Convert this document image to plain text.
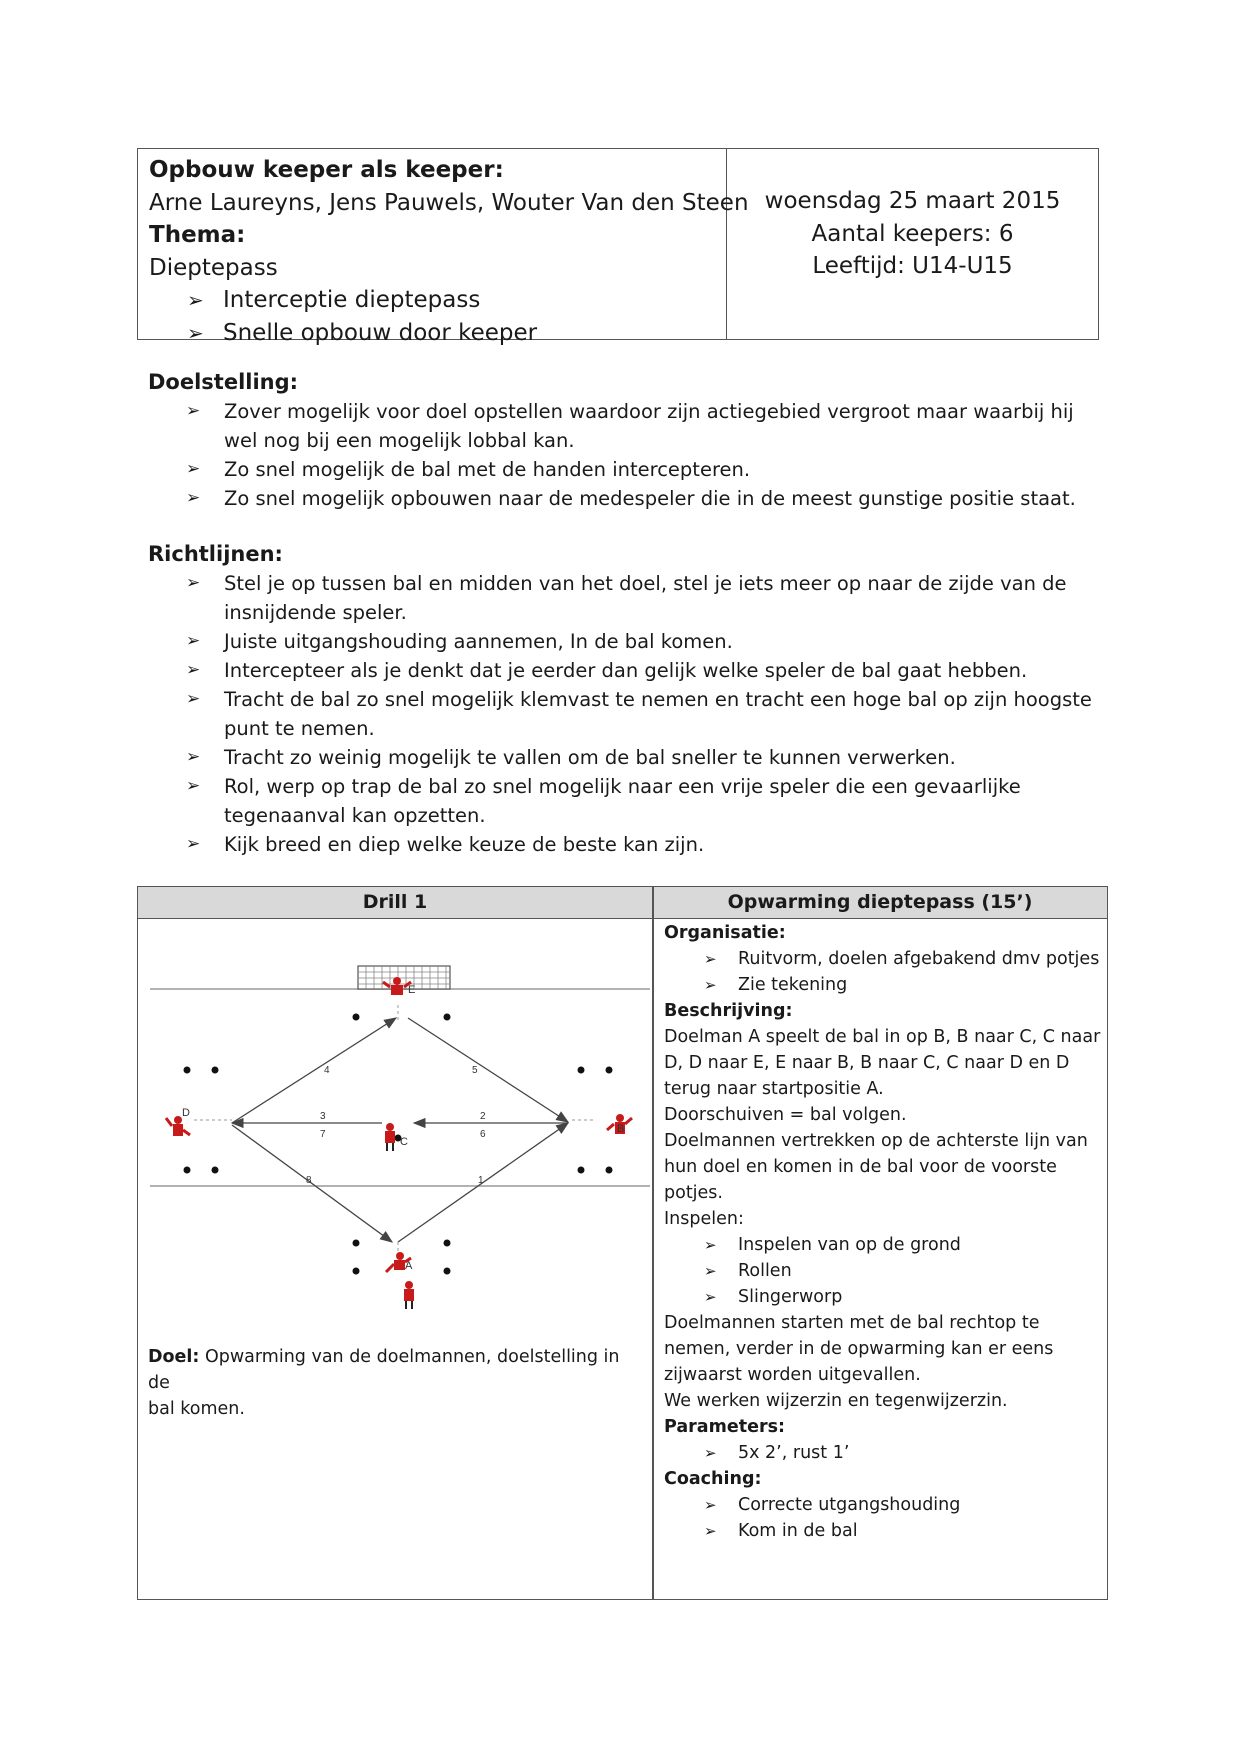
Opbouw keeper als keeper:
Arne Laureyns, Jens Pauwels, Wouter Van den Steen
Thema:
Dieptepass
➢ Interceptie dieptepass
➢ Snelle opbouw door keeper
woensdag 25 maart 2015
Aantal keepers: 6
Leeftijd: U14-U15
Doelstelling:
➢ Zover mogelijk voor doel opstellen waardoor zijn actiegebied vergroot maar waarbij hij
wel nog bij een mogelijk lobbal kan.
➢ Zo snel mogelijk de bal met de handen intercepteren.
➢ Zo snel mogelijk opbouwen naar de medespeler die in de meest gunstige positie staat.
Richtlijnen:
➢ Stel je op tussen bal en midden van het doel, stel je iets meer op naar de zijde van de
insnijdende speler.
➢ Juiste uitgangshouding aannemen, In de bal komen.
➢ Intercepteer als je denkt dat je eerder dan gelijk welke speler de bal gaat hebben.
➢ Tracht de bal zo snel mogelijk klemvast te nemen en tracht een hoge bal op zijn hoogste
punt te nemen.
➢ Tracht zo weinig mogelijk te vallen om de bal sneller te kunnen verwerken.
➢ Rol, werp op trap de bal zo snel mogelijk naar een vrije speler die een gevaarlijke
tegenaanval kan opzetten.
➢ Kijk breed en diep welke keuze de beste kan zijn.
Drill 1	Opwarming dieptepass (15’)
E
D
B
C
A
4	5
3	2
7	6
8	1
Doel: Opwarming van de doelmannen, doelstelling in de
bal komen.
Organisatie:
➢ Ruitvorm, doelen afgebakend dmv potjes
➢ Zie tekening
Beschrijving:
Doelman A speelt de bal in op B, B naar C, C naar
D, D naar E, E naar B, B naar C, C naar D en D
terug naar startpositie A.
Doorschuiven = bal volgen.
Doelmannen vertrekken op de achterste lijn van
hun doel en komen in de bal voor de voorste
potjes.
Inspelen:
➢ Inspelen van op de grond
➢ Rollen
➢ Slingerworp
Doelmannen starten met de bal rechtop te
nemen, verder in de opwarming kan er eens
zijwaarst worden uitgevallen.
We werken wijzerzin en tegenwijzerzin.
Parameters:
➢ 5x 2’, rust 1’
Coaching:
➢ Correcte utgangshouding
➢ Kom in de bal
